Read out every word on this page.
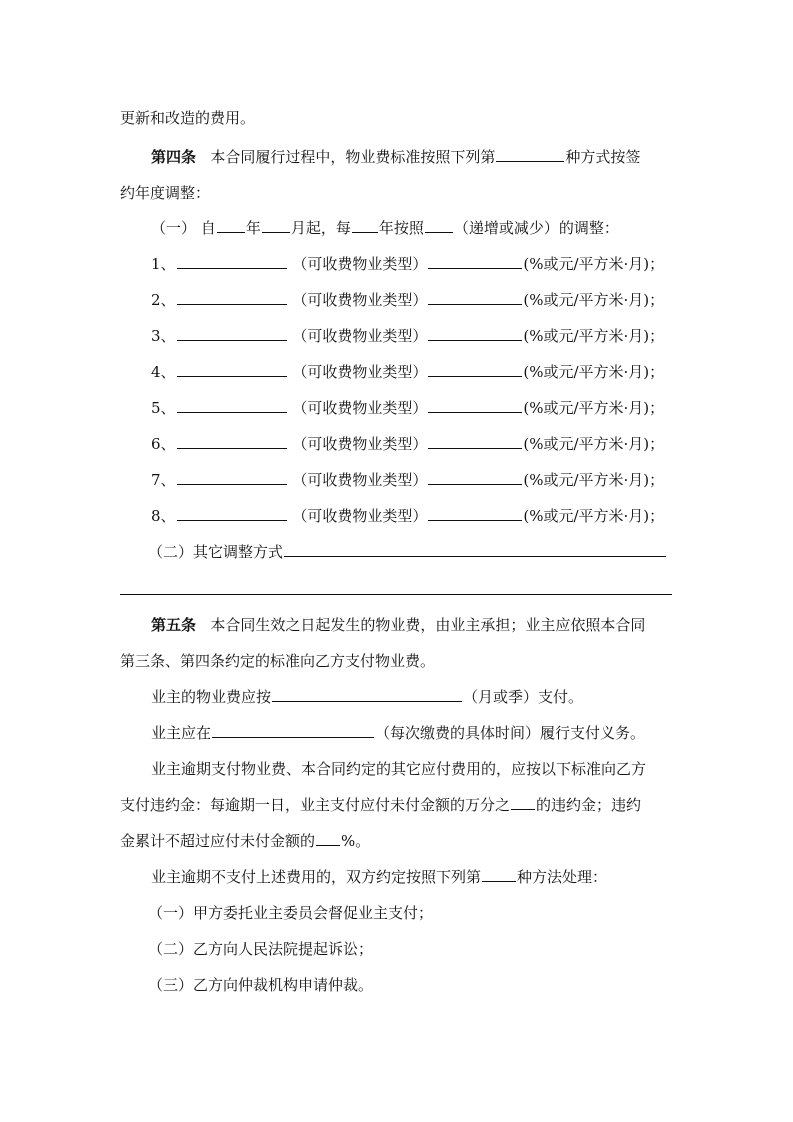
更新和改造的费用。
第四条 本合同履行过程中，物业费标准按照下列第	种方式按签
约年度调整：
（一） 自 年 月起，每 年按照 （递增或减少）的调整：
1、	（可收费物业类型）	(%或元/平方米·月)；
2、	（可收费物业类型）	(%或元/平方米·月)；
3、	（可收费物业类型）	(%或元/平方米·月)；
4、	（可收费物业类型）	(%或元/平方米·月)；
5、	（可收费物业类型）	(%或元/平方米·月)；
6、	（可收费物业类型）	(%或元/平方米·月)；
7、	（可收费物业类型）	(%或元/平方米·月)；
8、	（可收费物业类型）	(%或元/平方米·月)；
（二）其它调整方式
第五条 本合同生效之日起发生的物业费，由业主承担；业主应依照本合同
第三条、第四条约定的标准向乙方支付物业费。
业主的物业费应按	（月或季）支付。
业主应在	（每次缴费的具体时间）履行支付义务。
业主逾期支付物业费、本合同约定的其它应付费用的，应按以下标准向乙方
支付违约金：每逾期一日，业主支付应付未付金额的万分之 的违约金；违约
金累计不超过应付未付金额的 %。
业主逾期不支付上述费用的，双方约定按照下列第 种方法处理：
（一）甲方委托业主委员会督促业主支付；
（二）乙方向人民法院提起诉讼；
（三）乙方向仲裁机构申请仲裁。
